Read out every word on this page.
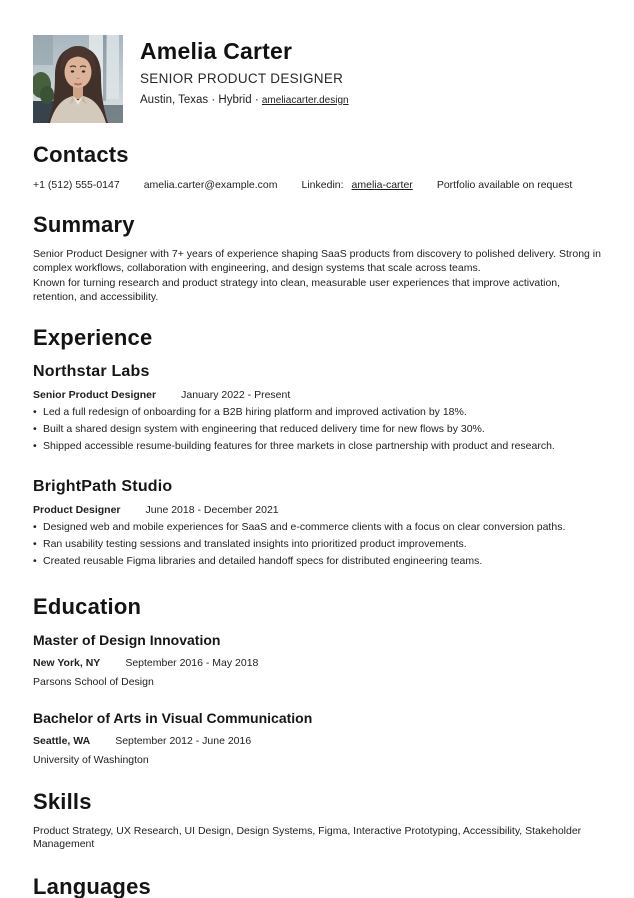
Amelia Carter
SENIOR PRODUCT DESIGNER
Austin, Texas · Hybrid · ameliacarter.design
Contacts
+1 (512) 555-0147 amelia.carter@example.com Linkedin: amelia-carter Portfolio available on request
Summary
Senior Product Designer with 7+ years of experience shaping SaaS products from discovery to polished delivery. Strong in complex workflows, collaboration with engineering, and design systems that scale across teams.
Known for turning research and product strategy into clean, measurable user experiences that improve activation, retention, and accessibility.
Experience
Northstar Labs
Senior Product Designer January 2022 - Present
• Led a full redesign of onboarding for a B2B hiring platform and improved activation by 18%.
• Built a shared design system with engineering that reduced delivery time for new flows by 30%.
• Shipped accessible resume-building features for three markets in close partnership with product and research.
BrightPath Studio
Product Designer June 2018 - December 2021
• Designed web and mobile experiences for SaaS and e-commerce clients with a focus on clear conversion paths.
• Ran usability testing sessions and translated insights into prioritized product improvements.
• Created reusable Figma libraries and detailed handoff specs for distributed engineering teams.
Education
Master of Design Innovation
New York, NY September 2016 - May 2018
Parsons School of Design
Bachelor of Arts in Visual Communication
Seattle, WA September 2012 - June 2016
University of Washington
Skills
Product Strategy, UX Research, UI Design, Design Systems, Figma, Interactive Prototyping, Accessibility, Stakeholder Management
Languages
